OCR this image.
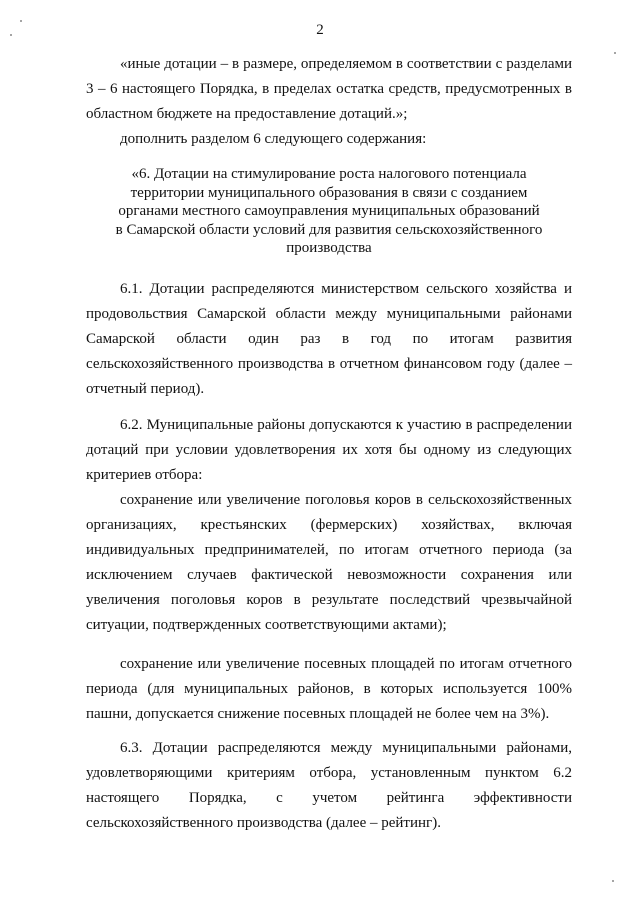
2

«иные дотации – в размере, определяемом в соответствии с разделами 3 – 6 настоящего Порядка, в пределах остатка средств, предусмотренных в областном бюджете на предоставление дотаций.»;

дополнить разделом 6 следующего содержания:

«6. Дотации на стимулирование роста налогового потенциала
территории муниципального образования в связи с созданием
органами местного самоуправления муниципальных образований
в Самарской области условий для развития сельскохозяйственного
производства

6.1. Дотации распределяются министерством сельского хозяйства и продовольствия Самарской области между муниципальными районами Самарской области один раз в год по итогам развития сельскохозяйственного производства в отчетном финансовом году (далее – отчетный период).

6.2. Муниципальные районы допускаются к участию в распределении дотаций при условии удовлетворения их хотя бы одному из следующих критериев отбора:

сохранение или увеличение поголовья коров в сельскохозяйственных организациях, крестьянских (фермерских) хозяйствах, включая индивидуальных предпринимателей, по итогам отчетного периода (за исключением случаев фактической невозможности сохранения или увеличения поголовья коров в результате последствий чрезвычайной ситуации, подтвержденных соответствующими актами);

сохранение или увеличение посевных площадей по итогам отчетного периода (для муниципальных районов, в которых используется 100% пашни, допускается снижение посевных площадей не более чем на 3%).

6.3. Дотации распределяются между муниципальными районами, удовлетворяющими критериям отбора, установленным пунктом 6.2 настоящего Порядка, с учетом рейтинга эффективности сельскохозяйственного производства (далее – рейтинг).
